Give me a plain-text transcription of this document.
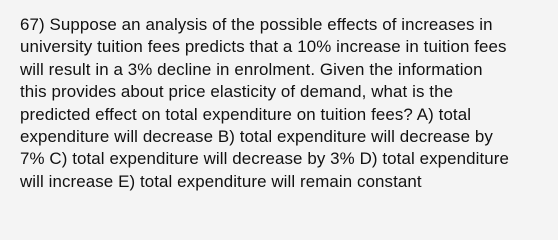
67) Suppose an analysis of the possible effects of increases in
university tuition fees predicts that a 10% increase in tuition fees
will result in a 3% decline in enrolment. Given the information
this provides about price elasticity of demand, what is the
predicted effect on total expenditure on tuition fees? A) total
expenditure will decrease B) total expenditure will decrease by
7% C) total expenditure will decrease by 3% D) total expenditure
will increase E) total expenditure will remain constant
